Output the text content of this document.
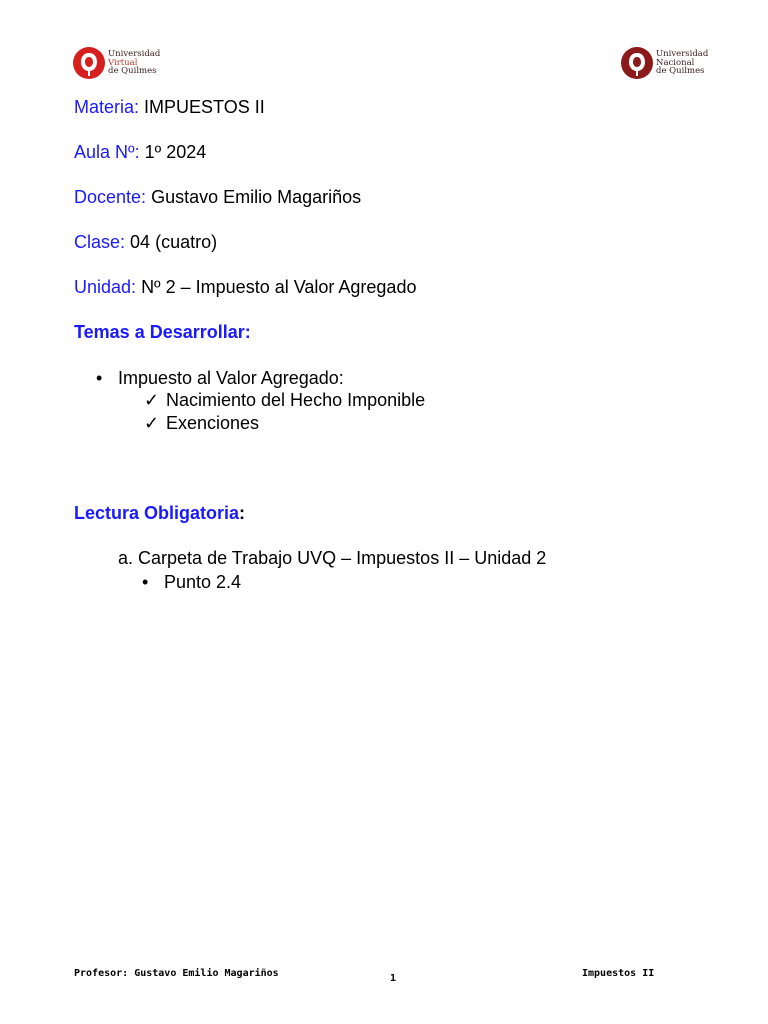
Universidad
Virtual
de Quilmes
Universidad
Nacional
de Quilmes
Materia: IMPUESTOS II
Aula Nº: 1º 2024
Docente: Gustavo Emilio Magariños
Clase: 04 (cuatro)
Unidad: Nº 2 – Impuesto al Valor Agregado
Temas a Desarrollar:
• Impuesto al Valor Agregado:
✓ Nacimiento del Hecho Imponible
✓ Exenciones
Lectura Obligatoria:
a. Carpeta de Trabajo UVQ – Impuestos II – Unidad 2
• Punto 2.4
Profesor: Gustavo Emilio Magariños	1	Impuestos II
